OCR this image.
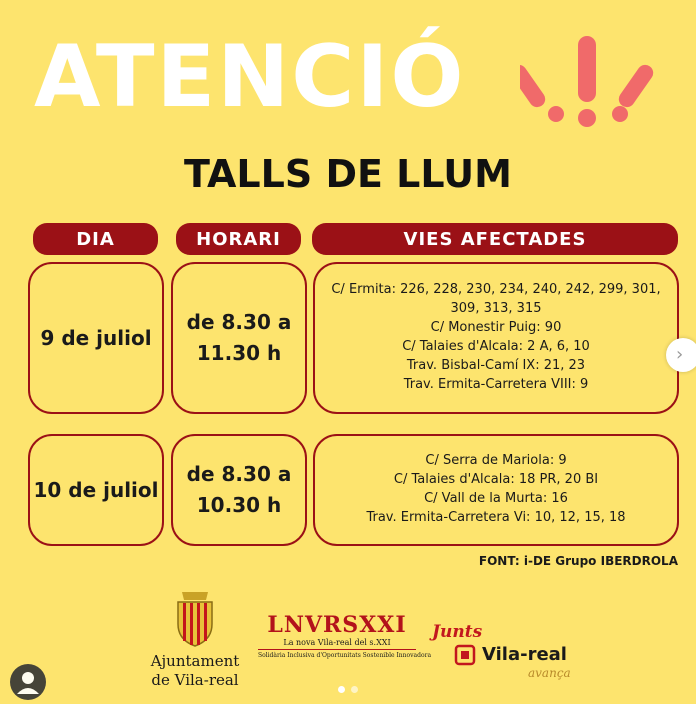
ATENCIÓ
TALLS DE LLUM
DIA	HORARI	VIES AFECTADES
9 de juliol
de 8.30 a
11.30 h
C/ Ermita: 226, 228, 230, 234, 240, 242, 299, 301,
309, 313, 315
C/ Monestir Puig: 90
C/ Talaies d'Alcala: 2 A, 6, 10
Trav. Bisbal-Camí IX: 21, 23
Trav. Ermita-Carretera VIII: 9
10 de juliol
de 8.30 a
10.30 h
C/ Serra de Mariola: 9
C/ Talaies d'Alcala: 18 PR, 20 BI
C/ Vall de la Murta: 16
Trav. Ermita-Carretera Vi: 10, 12, 15, 18
FONT: i-DE Grupo IBERDROLA
Ajuntament
de Vila-real
LNVRSXXI
La nova Vila-real del s.XXI
Solidària Inclusiva d'Oportunitats Sostenible Innovadora
Junts
Vila-real
avança
›
